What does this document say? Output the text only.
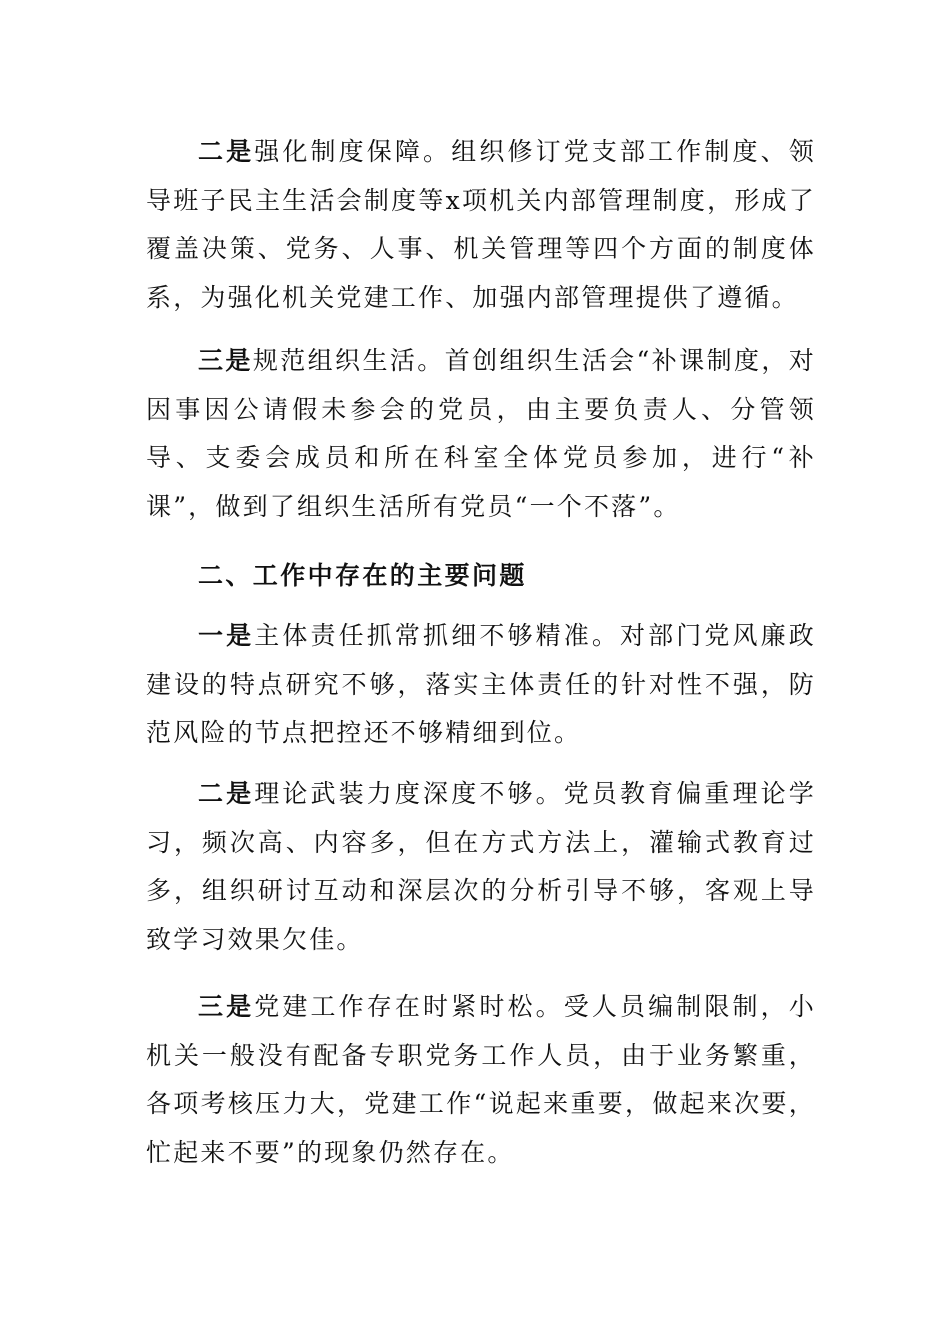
二是强化制度保障。组织修订党支部工作制度、领导班子民主生活会制度等x项机关内部管理制度，形成了覆盖决策、党务、人事、机关管理等四个方面的制度体系，为强化机关党建工作、加强内部管理提供了遵循。

三是规范组织生活。首创组织生活会“补课制度，对因事因公请假未参会的党员，由主要负责人、分管领导、支委会成员和所在科室全体党员参加，进行“补课”，做到了组织生活所有党员“一个不落”。

二、工作中存在的主要问题

一是主体责任抓常抓细不够精准。对部门党风廉政建设的特点研究不够，落实主体责任的针对性不强，防范风险的节点把控还不够精细到位。

二是理论武装力度深度不够。党员教育偏重理论学习，频次高、内容多，但在方式方法上，灌输式教育过多，组织研讨互动和深层次的分析引导不够，客观上导致学习效果欠佳。

三是党建工作存在时紧时松。受人员编制限制，小机关一般没有配备专职党务工作人员，由于业务繁重，各项考核压力大，党建工作“说起来重要，做起来次要，忙起来不要”的现象仍然存在。
